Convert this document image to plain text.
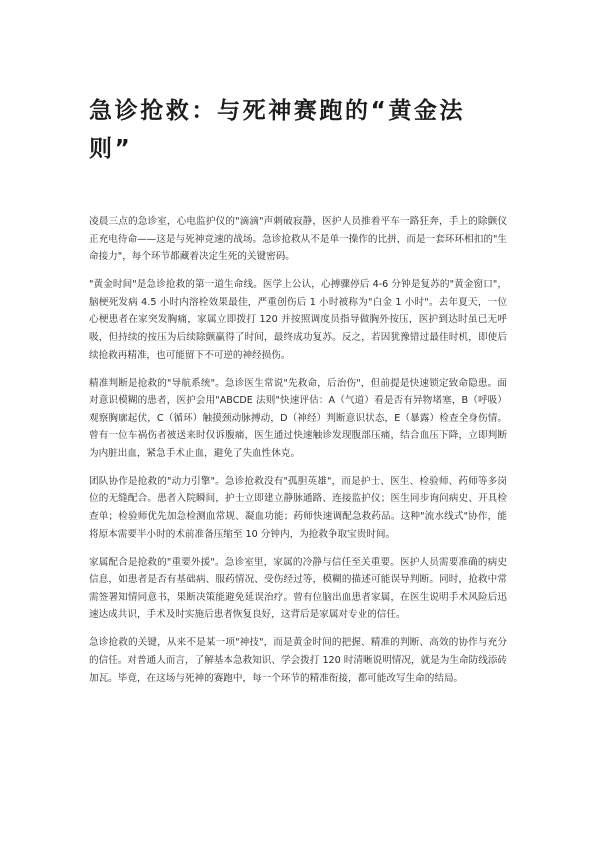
急诊抢救：与死神赛跑的“黄金法则”

凌晨三点的急诊室，心电监护仪的"滴滴"声刺破寂静，医护人员推着平车一路狂奔，手上的除颤仪正充电待命——这是与死神竞速的战场。急诊抢救从不是单一操作的比拼，而是一套环环相扣的"生命接力"，每个环节都藏着决定生死的关键密码。

"黄金时间"是急诊抢救的第一道生命线。医学上公认，心搏骤停后 4-6 分钟是复苏的"黄金窗口"，脑梗死发病 4.5 小时内溶栓效果最佳，严重创伤后 1 小时被称为"白金 1 小时"。去年夏天，一位心梗患者在家突发胸痛，家属立即拨打 120 并按照调度员指导做胸外按压，医护到达时虽已无呼吸，但持续的按压为后续除颤赢得了时间，最终成功复苏。反之，若因犹豫错过最佳时机，即使后续抢救再精准，也可能留下不可逆的神经损伤。

精准判断是抢救的"导航系统"。急诊医生常说"先救命，后治伤"，但前提是快速锁定致命隐患。面对意识模糊的患者，医护会用"ABCDE 法则"快速评估：A（气道）看是否有异物堵塞，B（呼吸）观察胸廓起伏，C（循环）触摸颈动脉搏动，D（神经）判断意识状态，E（暴露）检查全身伤情。曾有一位车祸伤者被送来时仅诉腹痛，医生通过快速触诊发现腹部压痛，结合血压下降，立即判断为内脏出血，紧急手术止血，避免了失血性休克。

团队协作是抢救的"动力引擎"。急诊抢救没有"孤胆英雄"，而是护士、医生、检验师、药师等多岗位的无缝配合。患者入院瞬间，护士立即建立静脉通路、连接监护仪；医生同步询问病史、开具检查单；检验师优先加急检测血常规、凝血功能；药师快速调配急救药品。这种"流水线式"协作，能将原本需要半小时的术前准备压缩至 10 分钟内，为抢救争取宝贵时间。

家属配合是抢救的"重要外援"。急诊室里，家属的冷静与信任至关重要。医护人员需要准确的病史信息，如患者是否有基础病、服药情况、受伤经过等，模糊的描述可能误导判断。同时，抢救中常需签署知情同意书，果断决策能避免延误治疗。曾有位脑出血患者家属，在医生说明手术风险后迅速达成共识，手术及时实施后患者恢复良好，这背后是家属对专业的信任。

急诊抢救的关键，从来不是某一项"神技"，而是黄金时间的把握、精准的判断、高效的协作与充分的信任。对普通人而言，了解基本急救知识、学会拨打 120 时清晰说明情况，就是为生命防线添砖加瓦。毕竟，在这场与死神的赛跑中，每一个环节的精准衔接，都可能改写生命的结局。
